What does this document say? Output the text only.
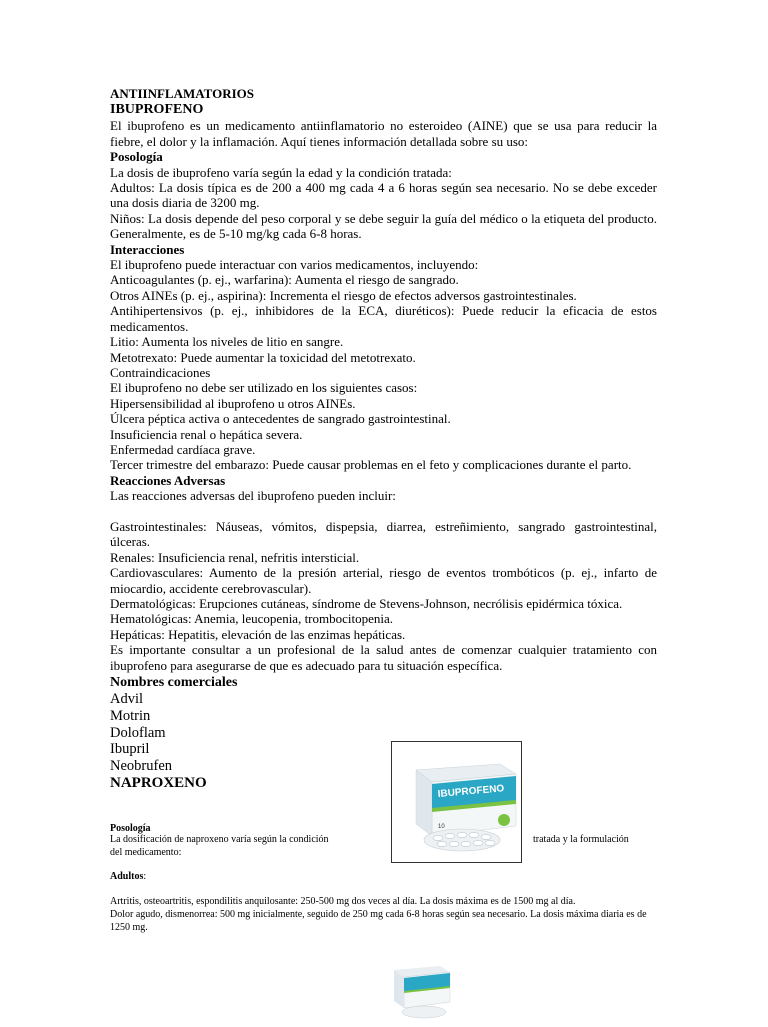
ANTIINFLAMATORIOS

IBUPROFENO

El ibuprofeno es un medicamento antiinflamatorio no esteroideo (AINE) que se usa para reducir la fiebre, el dolor y la inflamación. Aquí tienes información detallada sobre su uso:

Posología

La dosis de ibuprofeno varía según la edad y la condición tratada:

Adultos: La dosis típica es de 200 a 400 mg cada 4 a 6 horas según sea necesario. No se debe exceder una dosis diaria de 3200 mg.

Niños: La dosis depende del peso corporal y se debe seguir la guía del médico o la etiqueta del producto. Generalmente, es de 5-10 mg/kg cada 6-8 horas.

Interacciones

El ibuprofeno puede interactuar con varios medicamentos, incluyendo:

Anticoagulantes (p. ej., warfarina): Aumenta el riesgo de sangrado.

Otros AINEs (p. ej., aspirina): Incrementa el riesgo de efectos adversos gastrointestinales.

Antihipertensivos (p. ej., inhibidores de la ECA, diuréticos): Puede reducir la eficacia de estos medicamentos.

Litio: Aumenta los niveles de litio en sangre.

Metotrexato: Puede aumentar la toxicidad del metotrexato.

Contraindicaciones

El ibuprofeno no debe ser utilizado en los siguientes casos:

Hipersensibilidad al ibuprofeno u otros AINEs.

Úlcera péptica activa o antecedentes de sangrado gastrointestinal.

Insuficiencia renal o hepática severa.

Enfermedad cardíaca grave.

Tercer trimestre del embarazo: Puede causar problemas en el feto y complicaciones durante el parto.

Reacciones Adversas

Las reacciones adversas del ibuprofeno pueden incluir:

Gastrointestinales: Náuseas, vómitos, dispepsia, diarrea, estreñimiento, sangrado gastrointestinal, úlceras.

Renales: Insuficiencia renal, nefritis intersticial.

Cardiovasculares: Aumento de la presión arterial, riesgo de eventos trombóticos (p. ej., infarto de miocardio, accidente cerebrovascular).

Dermatológicas: Erupciones cutáneas, síndrome de Stevens-Johnson, necrólisis epidérmica tóxica.

Hematológicas: Anemia, leucopenia, trombocitopenia.

Hepáticas: Hepatitis, elevación de las enzimas hepáticas.

Es importante consultar a un profesional de la salud antes de comenzar cualquier tratamiento con ibuprofeno para asegurarse de que es adecuado para tu situación específica.

Nombres comerciales

Advil

Motrin

Doloflam

Ibupril

Neobrufen

NAPROXENO

Posología

La dosificación de naproxeno varía según la condición	tratada y la formulación

del medicamento:

Adultos:

Artritis, osteoartritis, espondilitis anquilosante: 250-500 mg dos veces al día. La dosis máxima es de 1500 mg al día.

Dolor agudo, dismenorrea: 500 mg inicialmente, seguido de 250 mg cada 6-8 horas según sea necesario. La dosis máxima diaria es de 1250 mg.

IBUPROFENO
10
